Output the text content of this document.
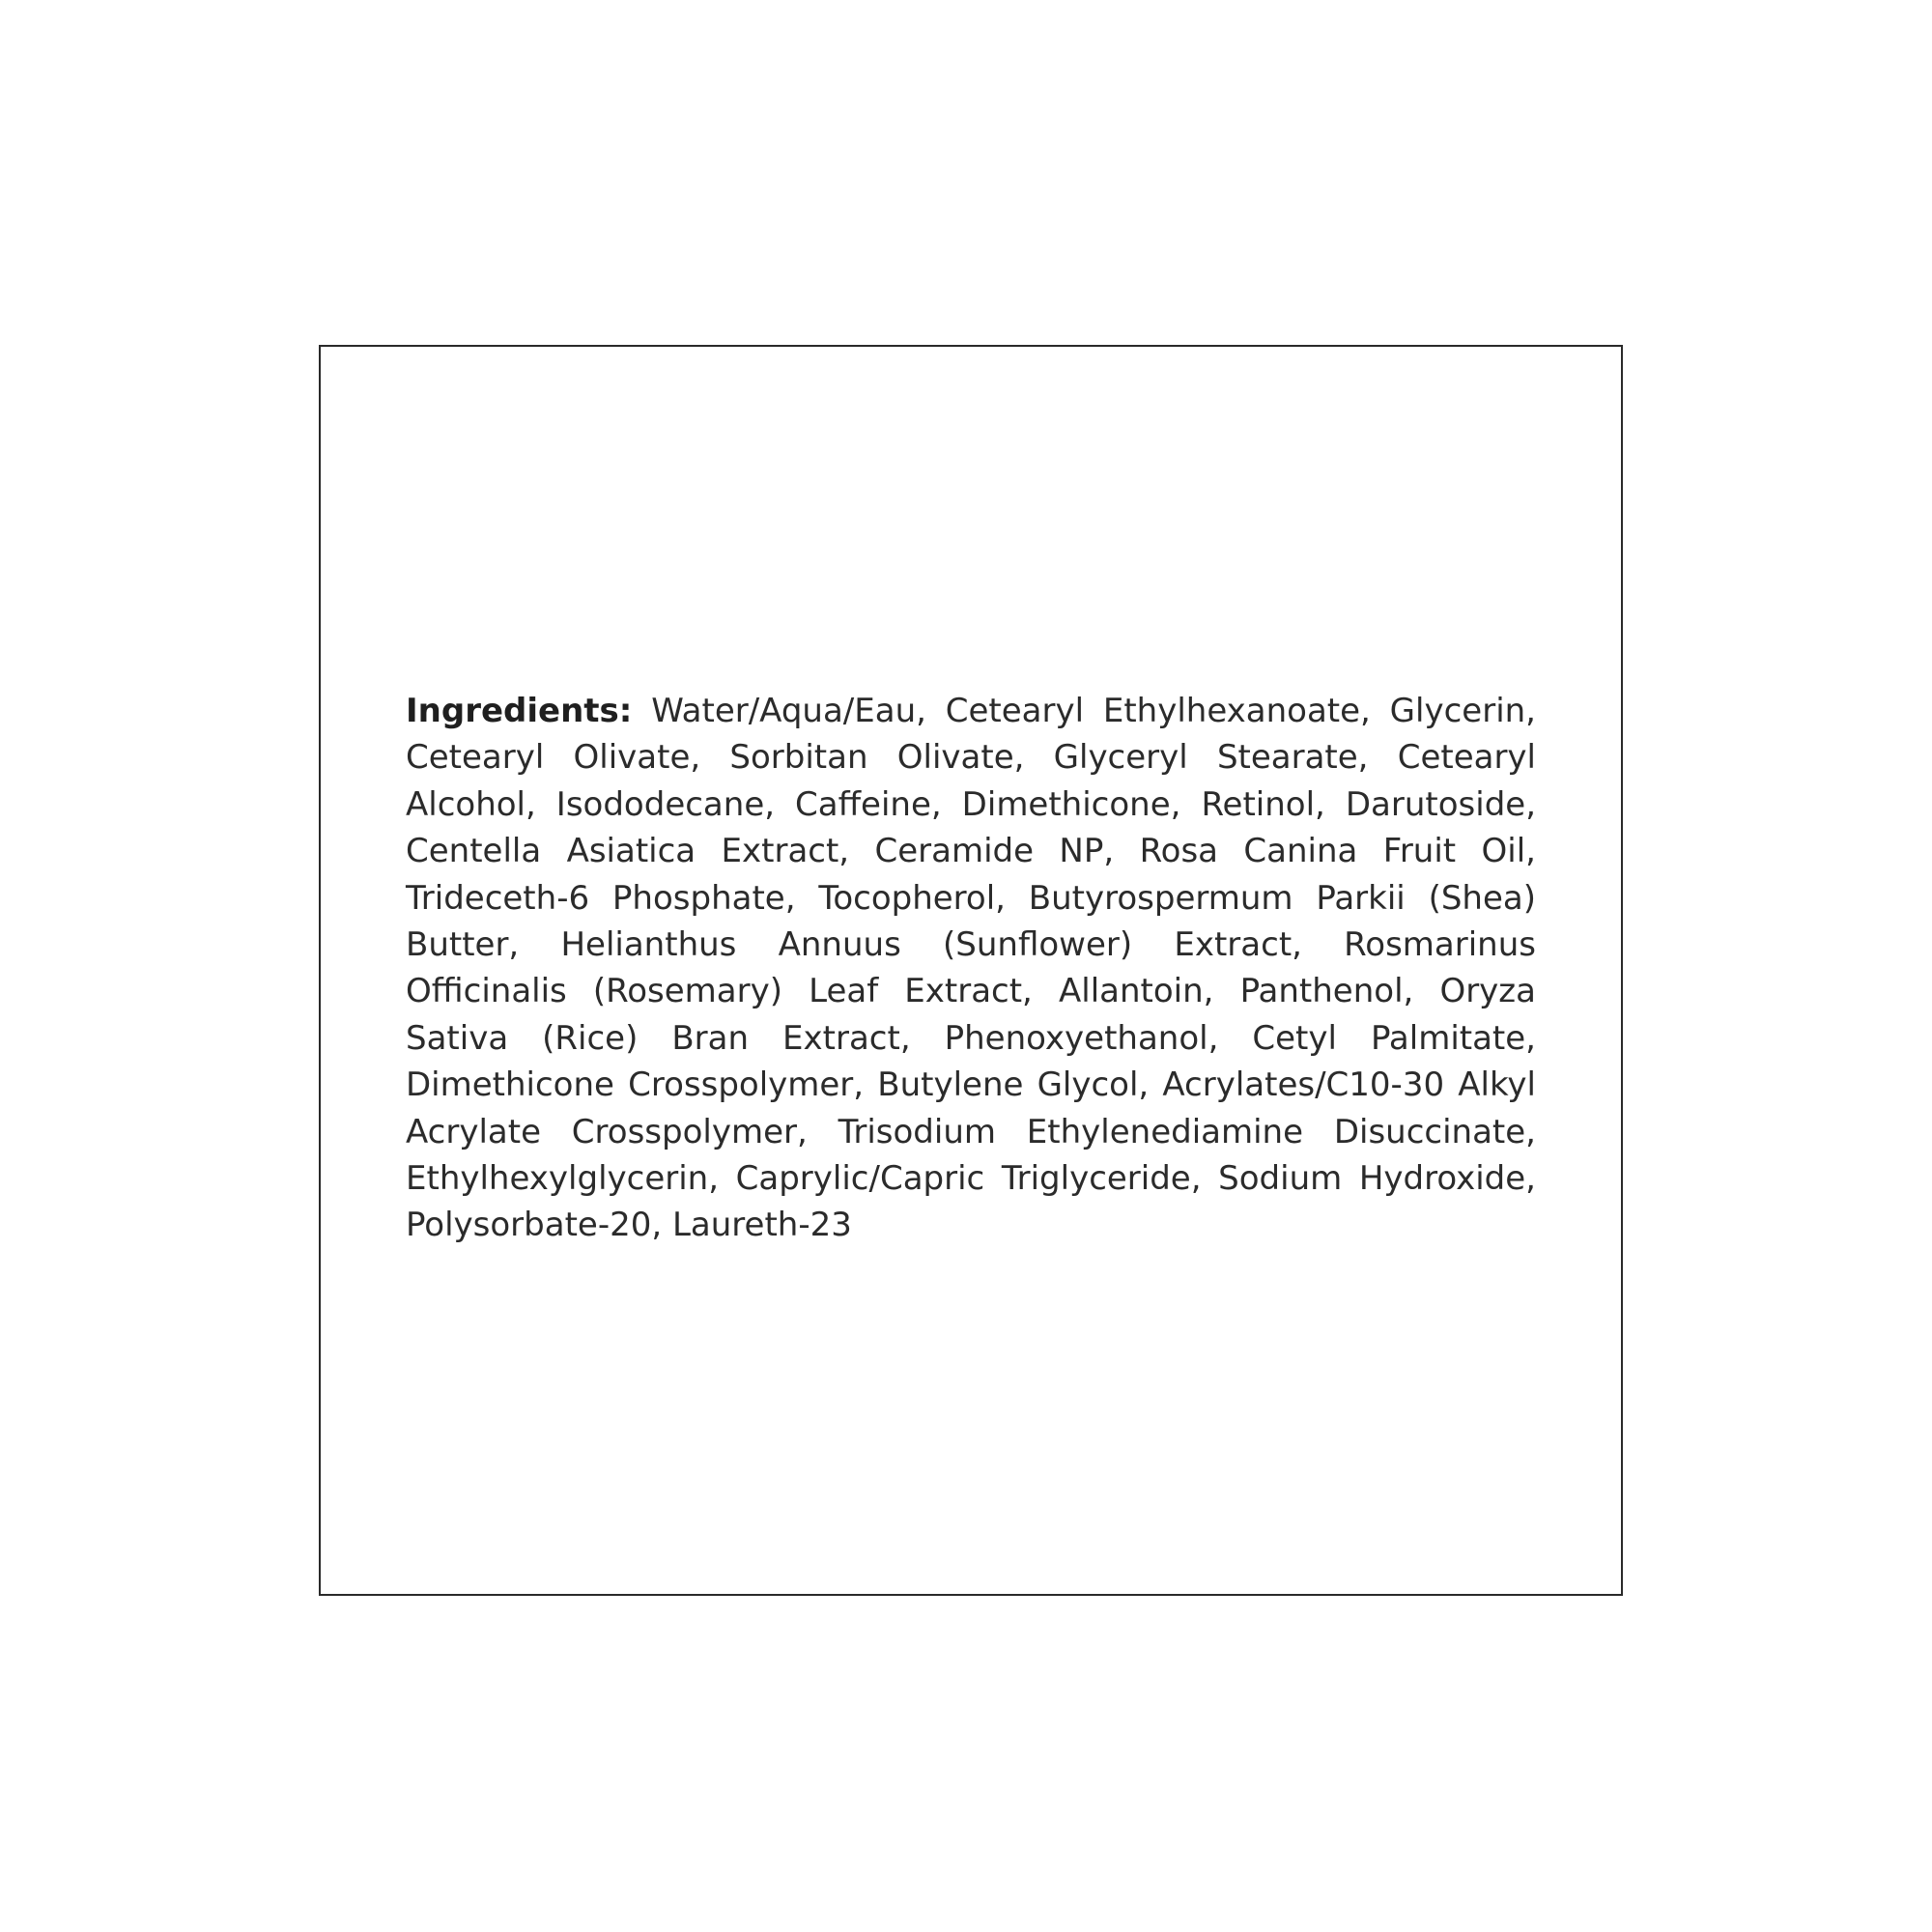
Ingredients: Water/Aqua/Eau, Cetearyl Ethylhexanoate, Glycerin, Cetearyl Olivate, Sorbitan Olivate, Glyceryl Stearate, Cetearyl Alcohol, Isododecane, Caffeine, Dimethicone, Retinol, Darutoside, Centella Asiatica Extract, Ceramide NP, Rosa Canina Fruit Oil, Trideceth-6 Phosphate, Tocopherol, Butyrospermum Parkii (Shea) Butter, Helianthus Annuus (Sunflower) Extract, Rosmarinus Officinalis (Rosemary) Leaf Extract, Allantoin, Panthenol, Oryza Sativa (Rice) Bran Extract, Phenoxyethanol, Cetyl Palmitate, Dimethicone Crosspolymer, Butylene Glycol, Acrylates/C10-30 Alkyl Acrylate Crosspolymer, Trisodium Ethylenediamine Disuccinate, Ethylhexylglycerin, Caprylic/Capric Triglyceride, Sodium Hydroxide, Polysorbate-20, Laureth-23
